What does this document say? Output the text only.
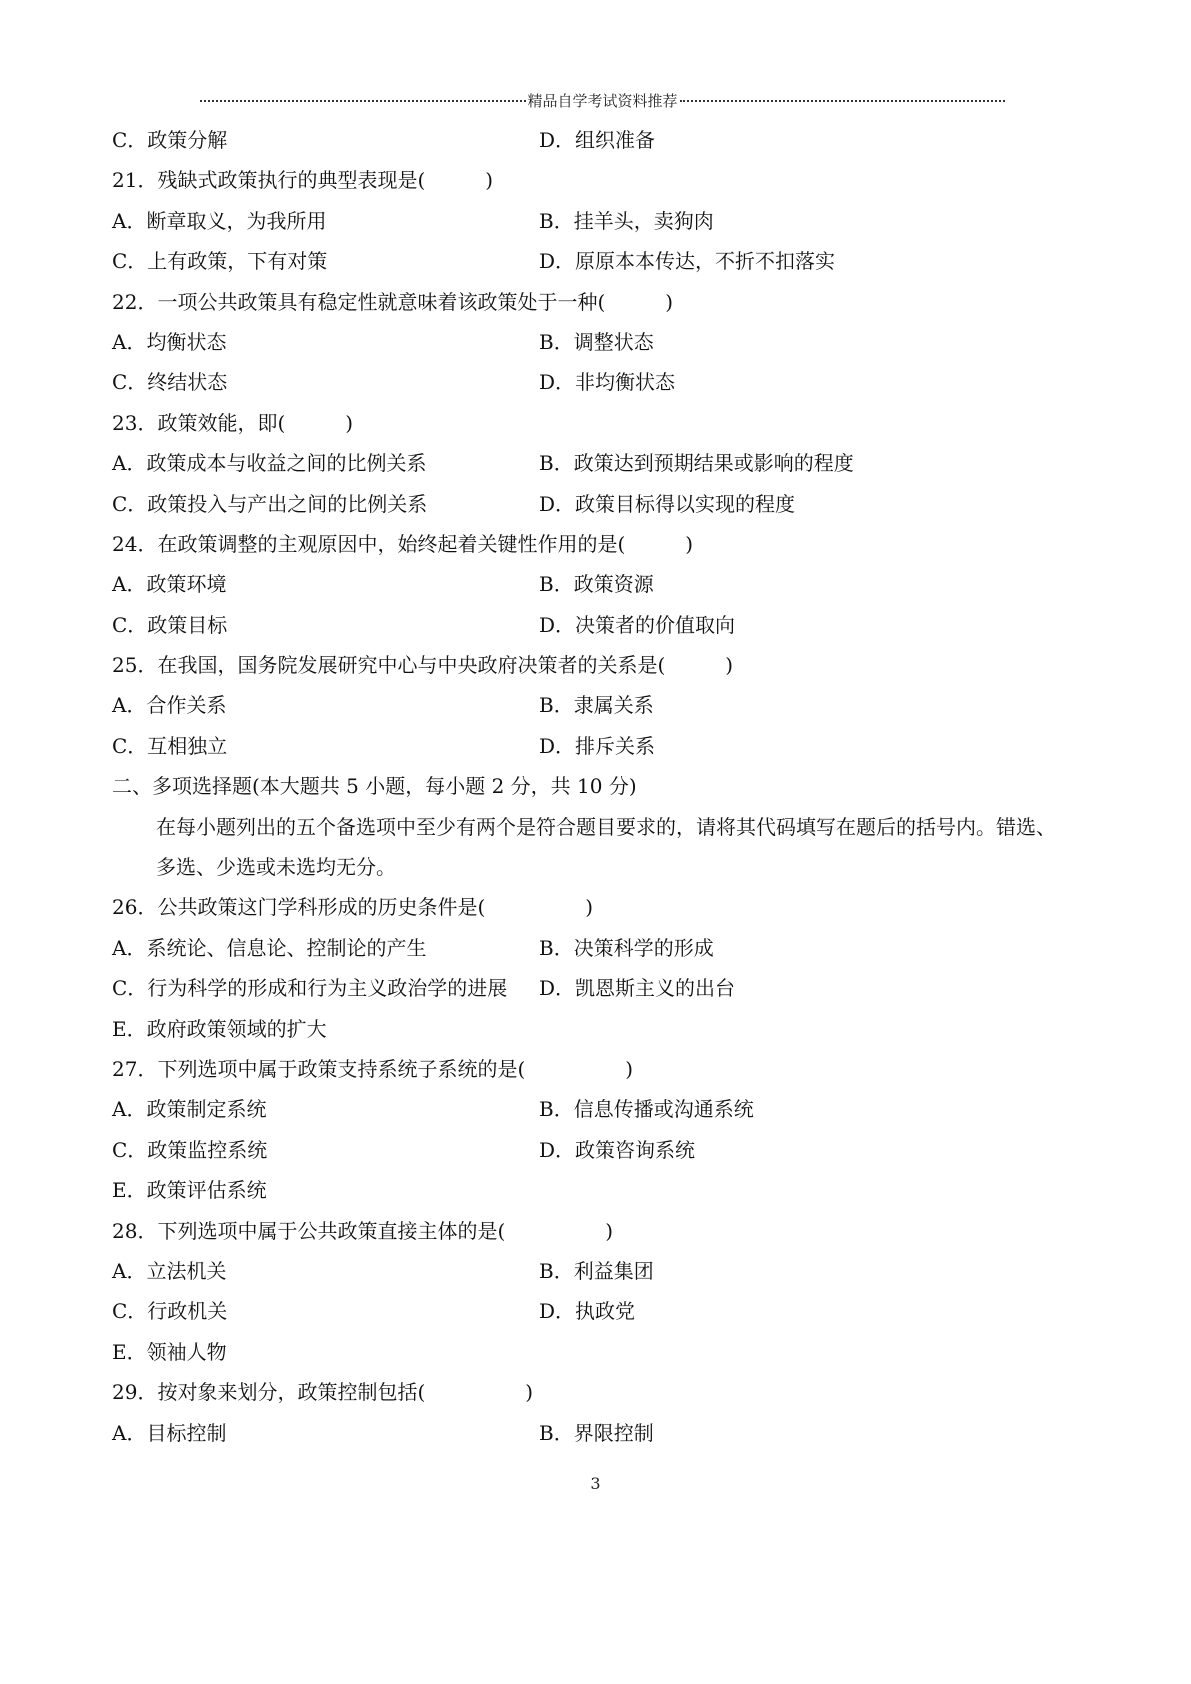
精品自学考试资料推荐
C．政策分解	D．组织准备
21．残缺式政策执行的典型表现是(　　　)
A．断章取义，为我所用	B．挂羊头，卖狗肉
C．上有政策，下有对策	D．原原本本传达，不折不扣落实
22．一项公共政策具有稳定性就意味着该政策处于一种(　　　)
A．均衡状态	B．调整状态
C．终结状态	D．非均衡状态
23．政策效能，即(　　　)
A．政策成本与收益之间的比例关系	B．政策达到预期结果或影响的程度
C．政策投入与产出之间的比例关系	D．政策目标得以实现的程度
24．在政策调整的主观原因中，始终起着关键性作用的是(　　　)
A．政策环境	B．政策资源
C．政策目标	D．决策者的价值取向
25．在我国，国务院发展研究中心与中央政府决策者的关系是(　　　)
A．合作关系	B．隶属关系
C．互相独立	D．排斥关系
二、多项选择题(本大题共 5 小题，每小题 2 分，共 10 分)
在每小题列出的五个备选项中至少有两个是符合题目要求的，请将其代码填写在题后的括号内。错选、
多选、少选或未选均无分。
26．公共政策这门学科形成的历史条件是(　　　　　)
A．系统论、信息论、控制论的产生	B．决策科学的形成
C．行为科学的形成和行为主义政治学的进展 D．凯恩斯主义的出台
E．政府政策领域的扩大
27．下列选项中属于政策支持系统子系统的是(　　　　　)
A．政策制定系统	B．信息传播或沟通系统
C．政策监控系统	D．政策咨询系统
E．政策评估系统
28．下列选项中属于公共政策直接主体的是(　　　　　)
A．立法机关	B．利益集团
C．行政机关	D．执政党
E．领袖人物
29．按对象来划分，政策控制包括(　　　　　)
A．目标控制	B．界限控制
3
